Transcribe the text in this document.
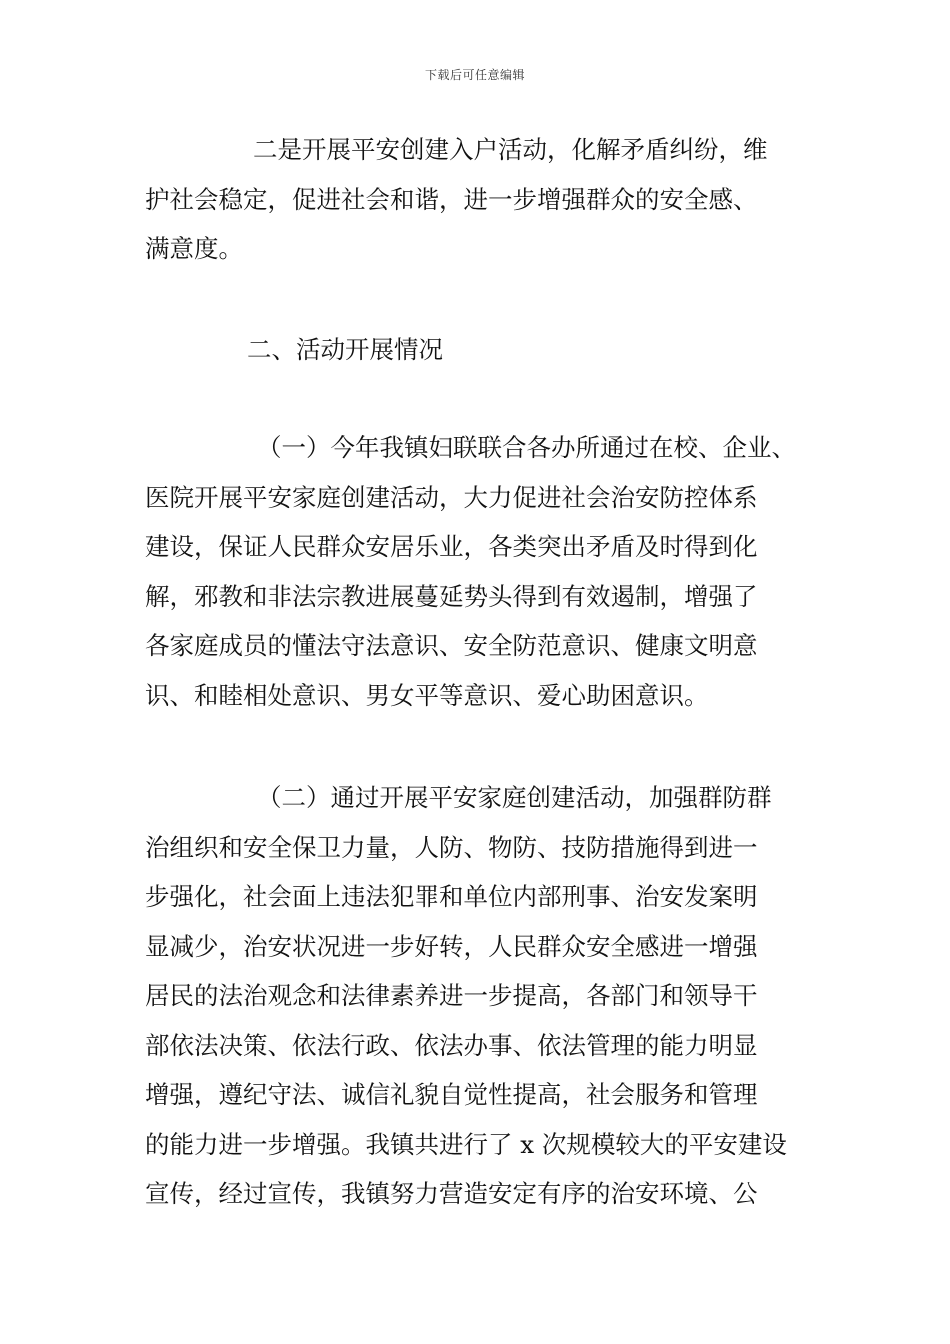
下载后可任意编辑
二是开展平安创建入户活动，化解矛盾纠纷，维
护社会稳定，促进社会和谐，进一步增强群众的安全感、
满意度。
二、活动开展情况
（一）今年我镇妇联联合各办所通过在校、企业、
医院开展平安家庭创建活动，大力促进社会治安防控体系
建设，保证人民群众安居乐业，各类突出矛盾及时得到化
解，邪教和非法宗教进展蔓延势头得到有效遏制，增强了
各家庭成员的懂法守法意识、安全防范意识、健康文明意
识、和睦相处意识、男女平等意识、爱心助困意识。
（二）通过开展平安家庭创建活动，加强群防群
治组织和安全保卫力量，人防、物防、技防措施得到进一
步强化，社会面上违法犯罪和单位内部刑事、治安发案明
显减少，治安状况进一步好转，人民群众安全感进一增强
居民的法治观念和法律素养进一步提高，各部门和领导干
部依法决策、依法行政、依法办事、依法管理的能力明显
增强，遵纪守法、诚信礼貌自觉性提高，社会服务和管理
的能力进一步增强。我镇共进行了 x 次规模较大的平安建设
宣传，经过宣传，我镇努力营造安定有序的治安环境、公
